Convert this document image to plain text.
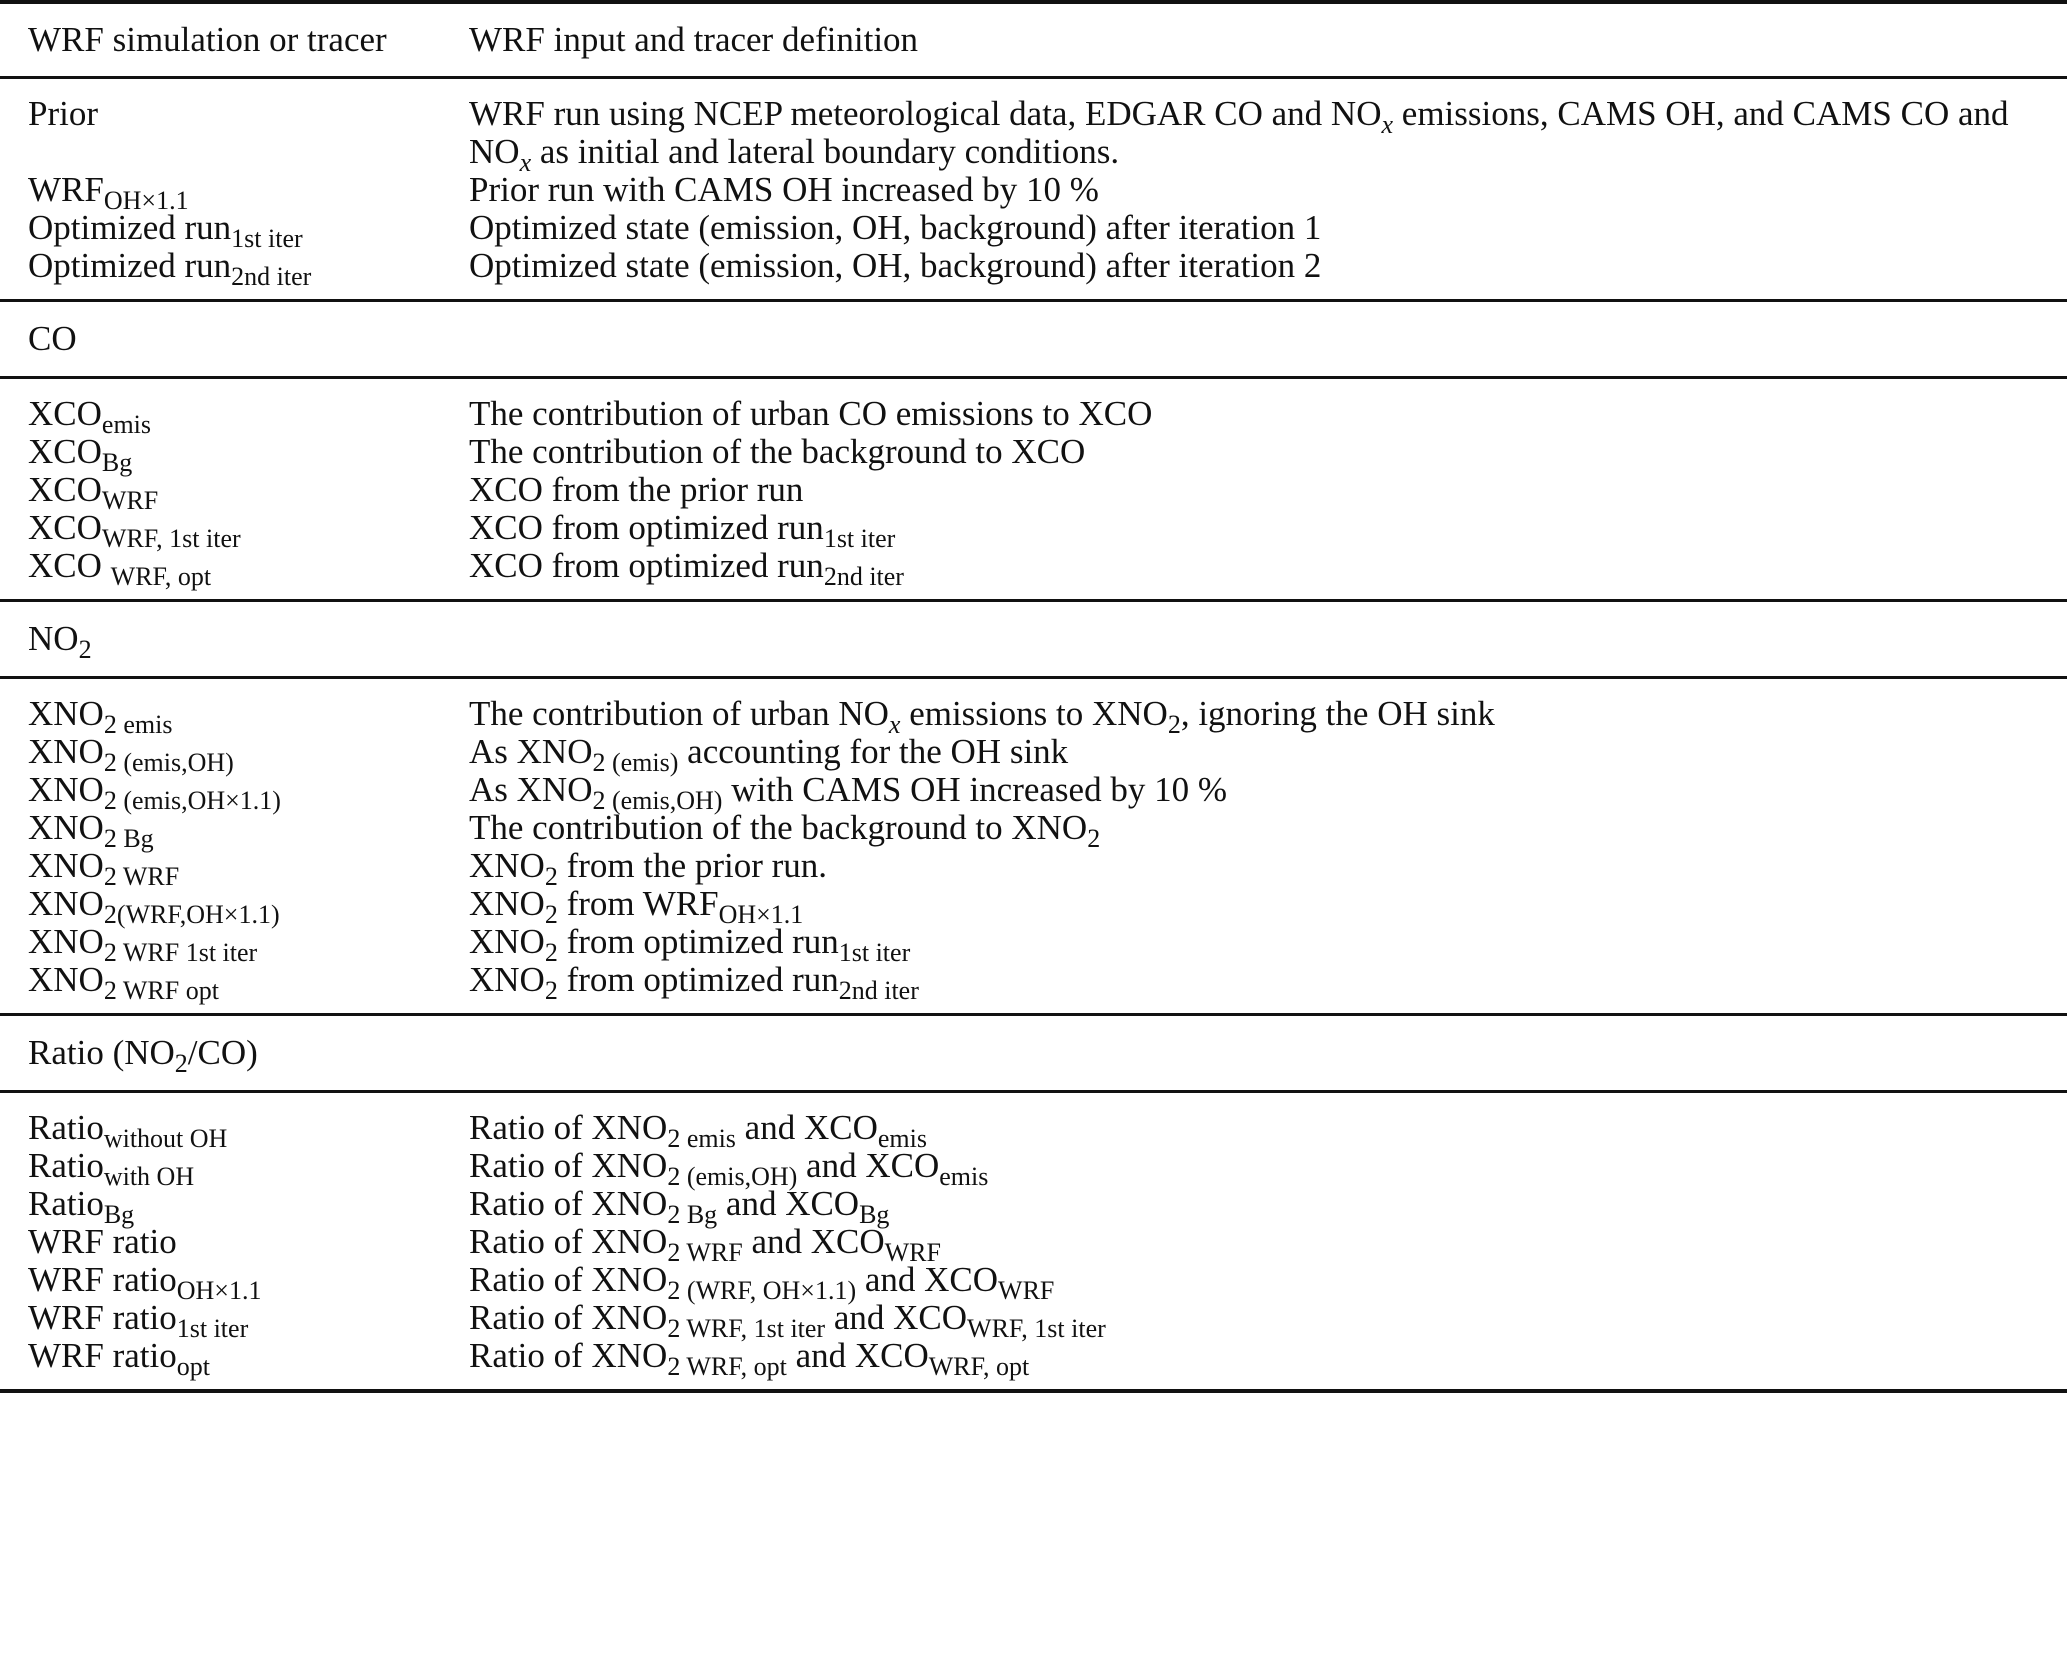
WRF simulation or tracer	WRF input and tracer definition
Prior	WRF run using NCEP meteorological data, EDGAR CO and $NO_x$ emissions, CAMS OH, and CAMS CO and $NO_x$ as initial and lateral boundary conditions.
$WRF_{OH\times 1.1}$	Prior run with CAMS OH increased by 10 %
Optimized run$_{1st iter}$	Optimized state (emission, OH, background) after iteration 1
Optimized run$_{2nd iter}$	Optimized state (emission, OH, background) after iteration 2
CO
$XCO_{emis}$	The contribution of urban CO emissions to XCO
$XCO_{Bg}$	The contribution of the background to XCO
$XCO_{WRF}$	XCO from the prior run
$XCO_{WRF, 1st iter}$	XCO from optimized run$_{1st iter}$
XCO $_{WRF, opt}$	XCO from optimized run$_{2nd iter}$
$NO_2$
$XNO_{2 emis}$	The contribution of urban $NO_x$ emissions to $XNO_2$, ignoring the OH sink
$XNO_{2 (emis,OH)}$	As $XNO_{2 (emis)}$ accounting for the OH sink
$XNO_{2 (emis,OH\times 1.1)}$	As $XNO_{2 (emis,OH)}$ with CAMS OH increased by 10 %
$XNO_{2 Bg}$	The contribution of the background to $XNO_2$
$XNO_{2 WRF}$	$XNO_2$ from the prior run.
$XNO_{2(WRF,OH\times 1.1)}$	$XNO_2$ from $WRF_{OH\times 1.1}$
$XNO_{2 WRF 1st iter}$	$XNO_2$ from optimized run$_{1st iter}$
$XNO_{2 WRF opt}$	$XNO_2$ from optimized run$_{2nd iter}$
Ratio $(NO_2/CO)$
Ratio$_{without OH}$	Ratio of $XNO_{2 emis}$ and $XCO_{emis}$
Ratio$_{with OH}$	Ratio of $XNO_{2 (emis,OH)}$ and $XCO_{emis}$
Ratio$_{Bg}$	Ratio of $XNO_{2 Bg}$ and $XCO_{Bg}$
WRF ratio	Ratio of $XNO_{2 WRF}$ and $XCO_{WRF}$
WRF ratio$_{OH\times 1.1}$	Ratio of $XNO_{2 (WRF, OH\times 1.1)}$ and $XCO_{WRF}$
WRF ratio$_{1st iter}$	Ratio of $XNO_{2 WRF, 1st iter}$ and $XCO_{WRF, 1st iter}$
WRF ratio$_{opt}$	Ratio of $XNO_{2 WRF, opt}$ and $XCO_{WRF, opt}$
